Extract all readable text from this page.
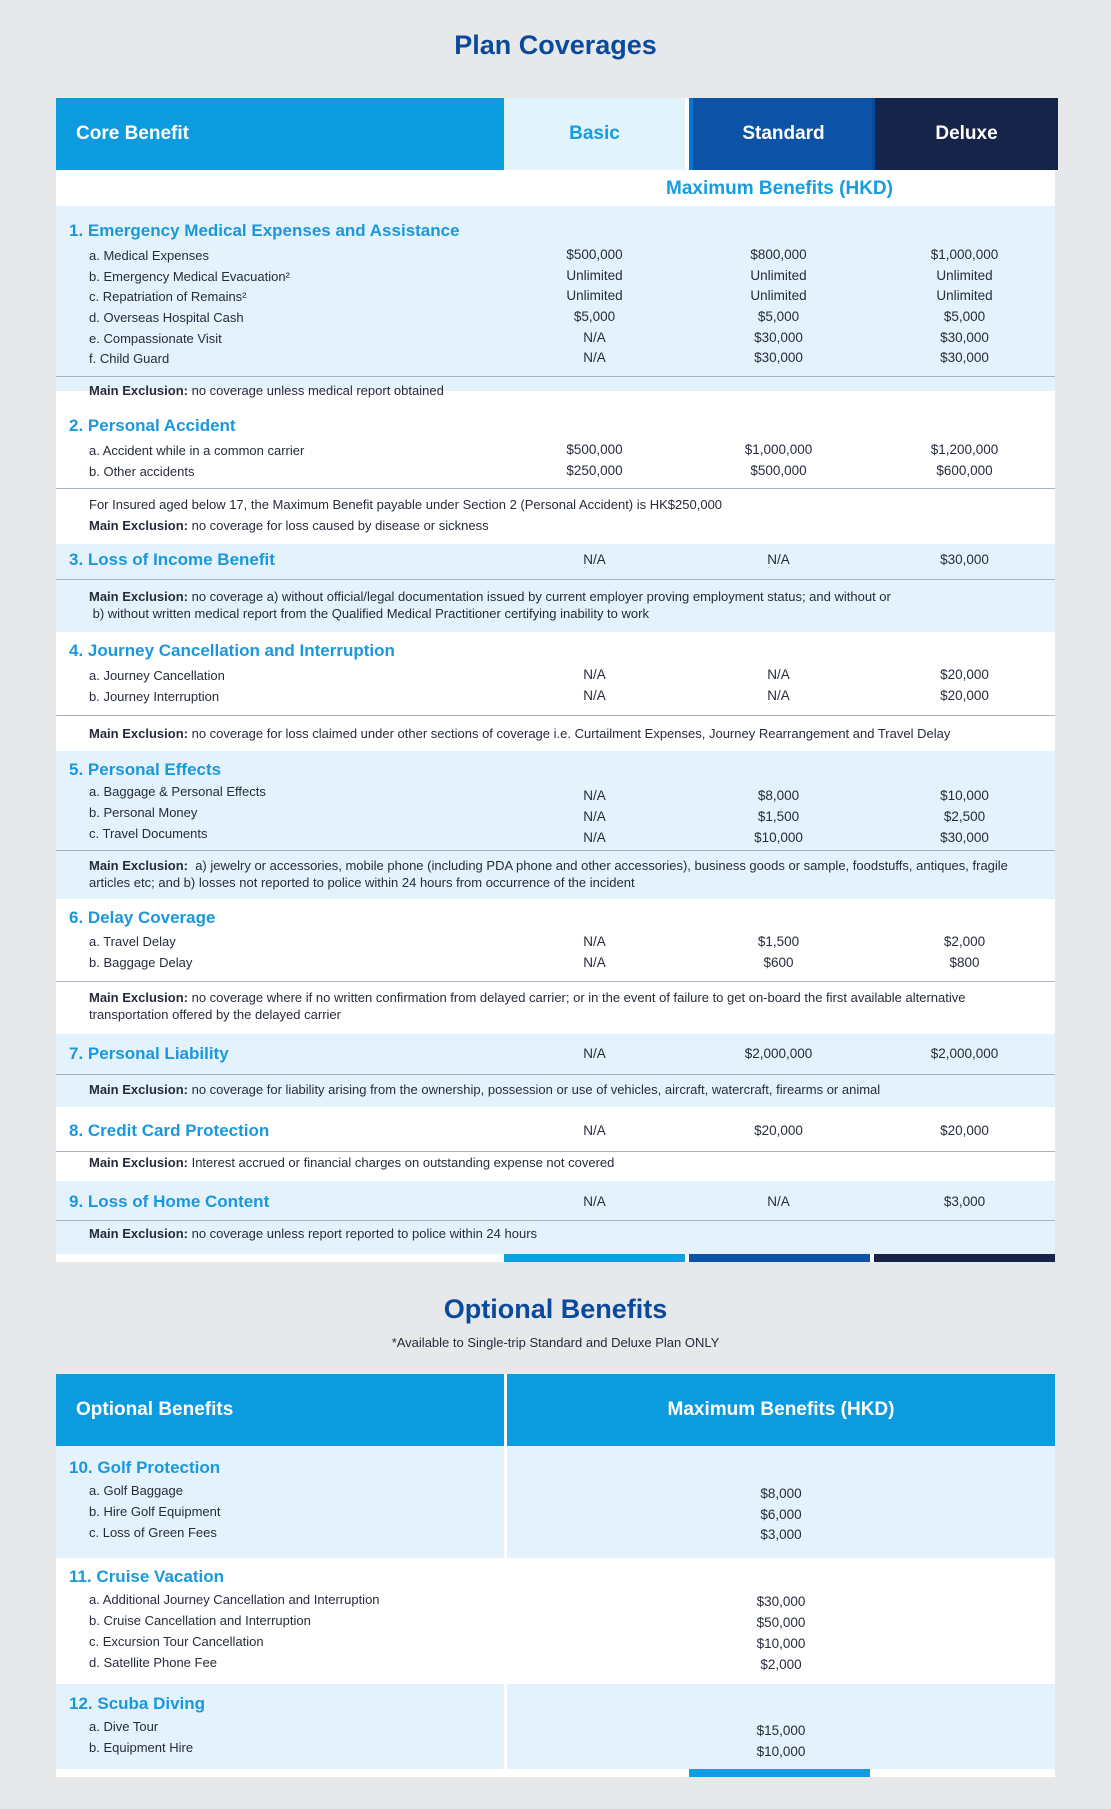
Plan Coverages
Core Benefit	Basic	Standard	Deluxe
Maximum Benefits (HKD)
1. Emergency Medical Expenses and Assistance
a. Medical Expenses	$500,000	$800,000	$1,000,000
b. Emergency Medical Evacuation²	Unlimited	Unlimited	Unlimited
c. Repatriation of Remains²	Unlimited	Unlimited	Unlimited
d. Overseas Hospital Cash	$5,000	$5,000	$5,000
e. Compassionate Visit	N/A	$30,000	$30,000
f. Child Guard	N/A	$30,000	$30,000
Main Exclusion: no coverage unless medical report obtained
2. Personal Accident
a. Accident while in a common carrier	$500,000	$1,000,000	$1,200,000
b. Other accidents	$250,000	$500,000	$600,000
For Insured aged below 17, the Maximum Benefit payable under Section 2 (Personal Accident) is HK$250,000
Main Exclusion: no coverage for loss caused by disease or sickness
3. Loss of Income Benefit	N/A	N/A	$30,000
Main Exclusion: no coverage a) without official/legal documentation issued by current employer proving employment status; and without or
b) without written medical report from the Qualified Medical Practitioner certifying inability to work
4. Journey Cancellation and Interruption
a. Journey Cancellation	N/A	N/A	$20,000
b. Journey Interruption	N/A	N/A	$20,000
Main Exclusion: no coverage for loss claimed under other sections of coverage i.e. Curtailment Expenses, Journey Rearrangement and Travel Delay
5. Personal Effects
a. Baggage & Personal Effects	N/A	$8,000	$10,000
b. Personal Money	N/A	$1,500	$2,500
c. Travel Documents	N/A	$10,000	$30,000
Main Exclusion: a) jewelry or accessories, mobile phone (including PDA phone and other accessories), business goods or sample, foodstuffs, antiques, fragile articles etc; and b) losses not reported to police within 24 hours from occurrence of the incident
6. Delay Coverage
a. Travel Delay	N/A	$1,500	$2,000
b. Baggage Delay	N/A	$600	$800
Main Exclusion: no coverage where if no written confirmation from delayed carrier; or in the event of failure to get on-board the first available alternative transportation offered by the delayed carrier
7. Personal Liability	N/A	$2,000,000	$2,000,000
Main Exclusion: no coverage for liability arising from the ownership, possession or use of vehicles, aircraft, watercraft, firearms or animal
8. Credit Card Protection	N/A	$20,000	$20,000
Main Exclusion: Interest accrued or financial charges on outstanding expense not covered
9. Loss of Home Content	N/A	N/A	$3,000
Main Exclusion: no coverage unless report reported to police within 24 hours
Optional Benefits
*Available to Single-trip Standard and Deluxe Plan ONLY
Optional Benefits	Maximum Benefits (HKD)
10. Golf Protection
a. Golf Baggage	$8,000
b. Hire Golf Equipment	$6,000
c. Loss of Green Fees	$3,000
11. Cruise Vacation
a. Additional Journey Cancellation and Interruption	$30,000
b. Cruise Cancellation and Interruption	$50,000
c. Excursion Tour Cancellation	$10,000
d. Satellite Phone Fee	$2,000
12. Scuba Diving
a. Dive Tour	$15,000
b. Equipment Hire	$10,000
